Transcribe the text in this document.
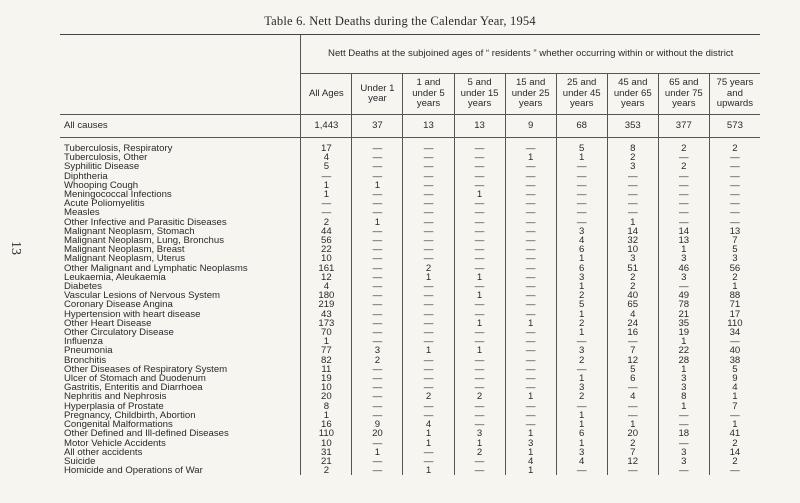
13
Table 6. Nett Deaths during the Calendar Year, 1954
	Nett Deaths at the subjoined ages of “ residents ” whether occurring within or without the district								
	All Ages	Under 1 year	1 and under 5 years	5 and under 15 years	15 and under 25 years	25 and under 45 years	45 and under 65 years	65 and under 75 years	75 years and upwards
All causes	1,443	37	13	13	9	68	353	377	573

Tuberculosis, Respiratory	17	—	—	—	—	5	8	2	2
Tuberculosis, Other	4	—	—	—	1	1	2	—	—
Syphilitic Disease	5	—	—	—	—	—	3	2	—
Diphtheria	—	—	—	—	—	—	—	—	—
Whooping Cough	1	1	—	—	—	—	—	—	—
Meningococcal Infections	1	—	—	1	—	—	—	—	—
Acute Poliomyelitis	—	—	—	—	—	—	—	—	—
Measles	—	—	—	—	—	—	—	—	—
Other Infective and Parasitic Diseases	2	1	—	—	—	—	1	—	—
Malignant Neoplasm, Stomach	44	—	—	—	—	3	14	14	13
Malignant Neoplasm, Lung, Bronchus	56	—	—	—	—	4	32	13	7
Malignant Neoplasm, Breast	22	—	—	—	—	6	10	1	5
Malignant Neoplasm, Uterus	10	—	—	—	—	1	3	3	3
Other Malignant and Lymphatic Neoplasms	161	—	2	—	—	6	51	46	56
Leukaemia, Aleukaemia	12	—	1	1	—	3	2	3	2
Diabetes	4	—	—	—	—	1	2	—	1
Vascular Lesions of Nervous System	180	—	—	1	—	2	40	49	88
Coronary Disease Angina	219	—	—	—	—	5	65	78	71
Hypertension with heart disease	43	—	—	—	—	1	4	21	17
Other Heart Disease	173	—	—	1	1	2	24	35	110
Other Circulatory Disease	70	—	—	—	—	1	16	19	34
Influenza	1	—	—	—	—	—	—	1	—
Pneumonia	77	3	1	1	—	3	7	22	40
Bronchitis	82	2	—	—	—	2	12	28	38
Other Diseases of Respiratory System	11	—	—	—	—	—	5	1	5
Ulcer of Stomach and Duodenum	19	—	—	—	—	1	6	3	9
Gastritis, Enteritis and Diarrhoea	10	—	—	—	—	3	—	3	4
Nephritis and Nephrosis	20	—	2	2	1	2	4	8	1
Hyperplasia of Prostate	8	—	—	—	—	—	—	1	7
Pregnancy, Childbirth, Abortion	1	—	—	—	—	1	—	—	—
Congenital Malformations	16	9	4	—	—	1	1	—	1
Other Defined and Ill-defined Diseases	110	20	1	3	1	6	20	18	41
Motor Vehicle Accidents	10	—	1	1	3	1	2	—	2
All other accidents	31	1	—	2	1	3	7	3	14
Suicide	21	—	—	—	4	4	12	3	2
Homicide and Operations of War	2	—	1	—	1	—	—	—	—
